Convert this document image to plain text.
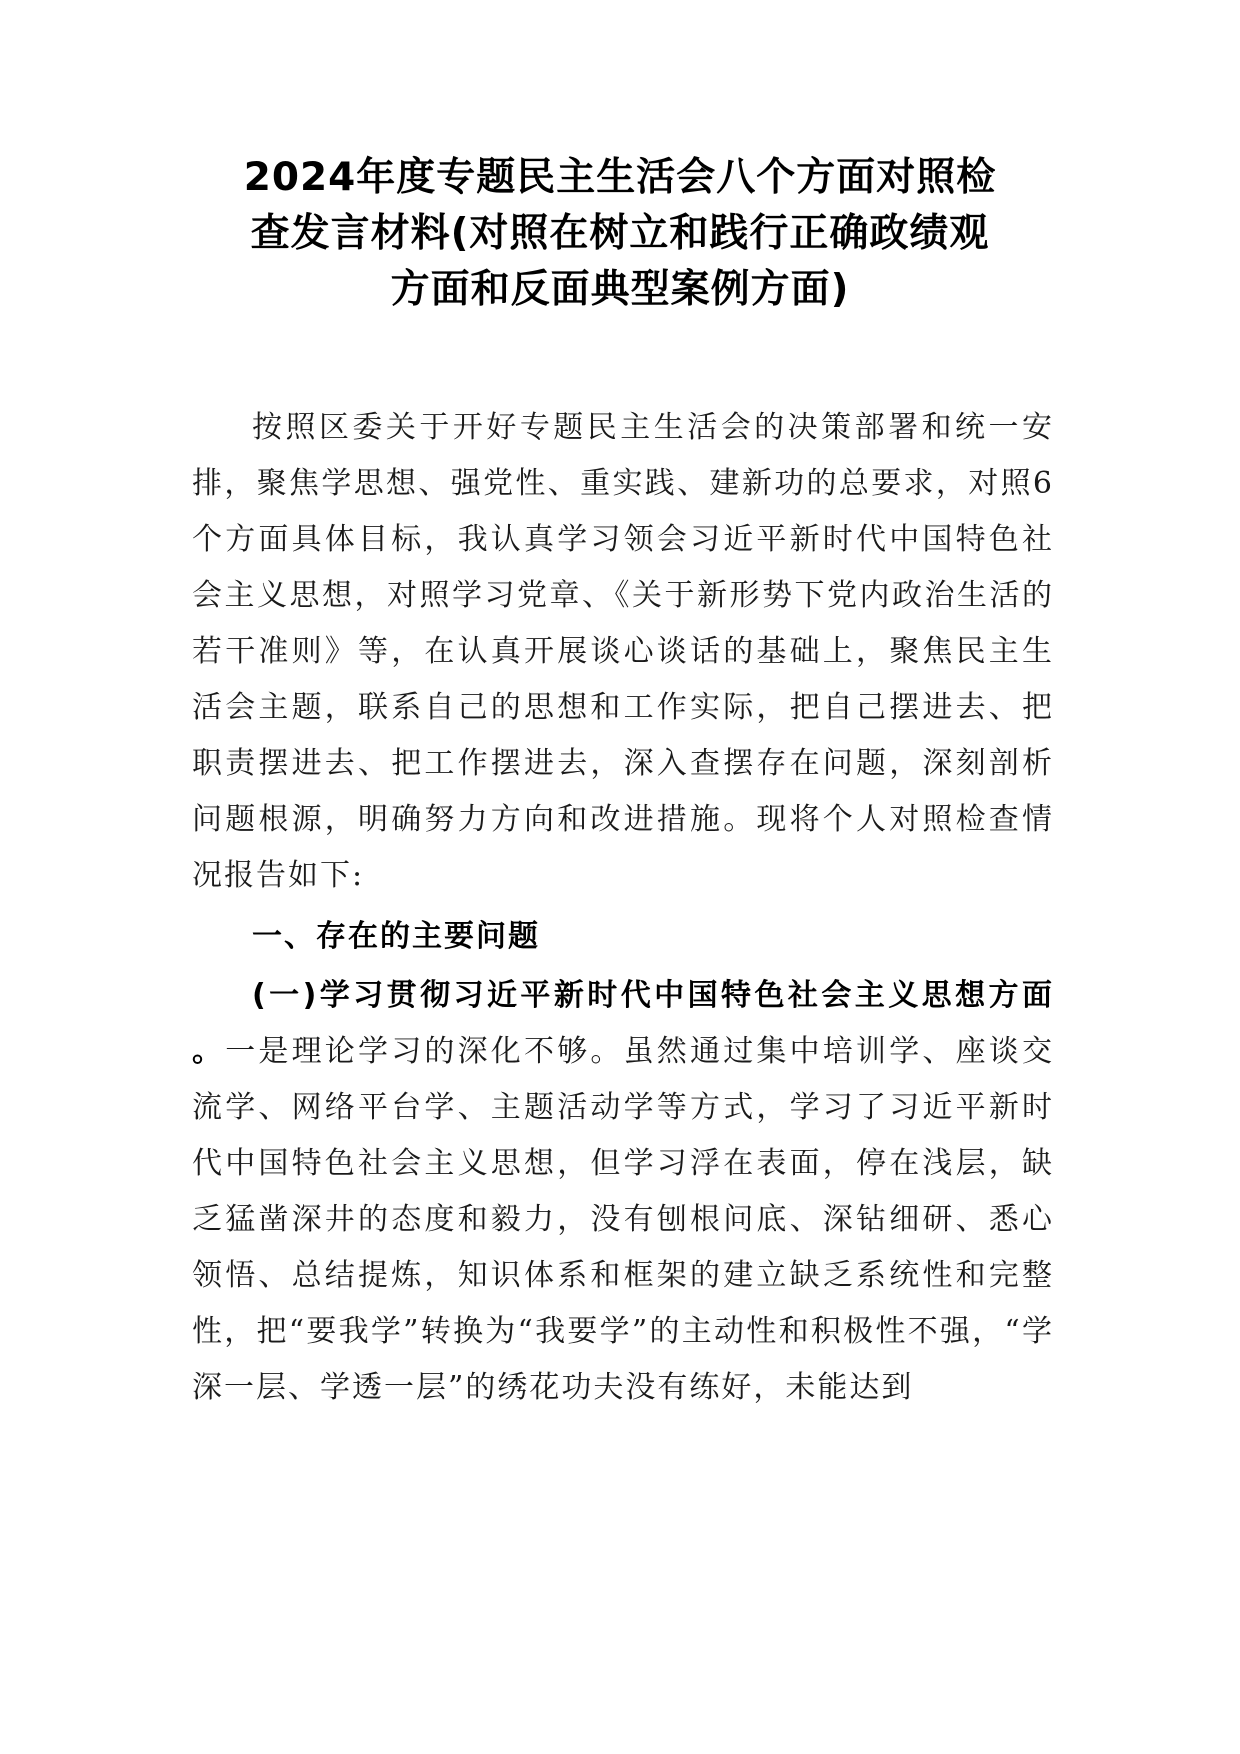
2024年度专题民主生活会八个方面对照检
查发言材料(对照在树立和践行正确政绩观
方面和反面典型案例方面)

按照区委关于开好专题民主生活会的决策部署和统一安排，聚焦学思想、强党性、重实践、建新功的总要求，对照6个方面具体目标，我认真学习领会习近平新时代中国特色社会主义思想，对照学习党章、《关于新形势下党内政治生活的若干准则》等，在认真开展谈心谈话的基础上，聚焦民主生活会主题，联系自己的思想和工作实际，把自己摆进去、把职责摆进去、把工作摆进去，深入查摆存在问题，深刻剖析问题根源，明确努力方向和改进措施。现将个人对照检查情况报告如下:

一、存在的主要问题

(一)学习贯彻习近平新时代中国特色社会主义思想方面 。一是理论学习的深化不够。虽然通过集中培训学、座谈交流学、网络平台学、主题活动学等方式，学习了习近平新时代中国特色社会主义思想，但学习浮在表面，停在浅层，缺乏猛凿深井的态度和毅力，没有刨根问底、深钻细研、悉心领悟、总结提炼，知识体系和框架的建立缺乏系统性和完整性，把“要我学”转换为“我要学”的主动性和积极性不强，“学深一层、学透一层”的绣花功夫没有练好，未能达到
